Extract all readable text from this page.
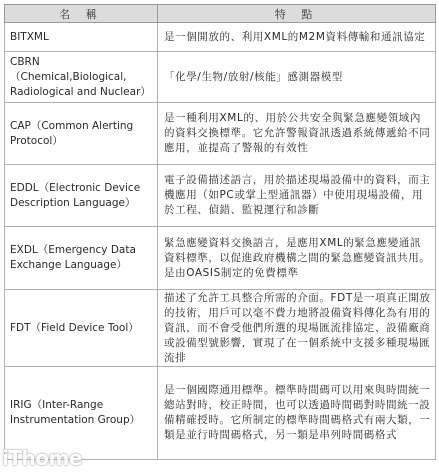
名 稱	特 點
BITXML	是一個開放的、利用XML的M2M資料傳輸和通訊協定
CBRN（Chemical,Biological, Radiological and Nuclear）	「化學/生物/放射/核能」感測器模型
CAP（Common Alerting Protocol）	是一種利用XML的、用於公共安全與緊急應變領域內的資料交換標準。它允許警報資訊透過系統傳遞給不同應用，並提高了警報的有效性
EDDL（Electronic Device Description Language）	電子設備描述語言，用於描述現場設備中的資料，而主機應用（如PC或掌上型通訊器）中使用現場設備，用於工程、偵錯、監視運行和診斷
EXDL（Emergency Data Exchange Language）	緊急應變資料交換語言，是應用XML的緊急應變通訊資料標準，以促進政府機構之間的緊急應變資訊共用。是由OASIS制定的免費標準
FDT（Field Device Tool）	描述了允許工具整合所需的介面。FDT是一項真正開放的技術，用戶可以毫不費力地將設備資料傳化為有用的資訊，而不會受他們所選的現場匯流排協定、設備廠商或設備型號影響，實現了在一個系統中支援多種現場匯流排
IRIG（Inter-Range Instrumentation Group）	是一個國際通用標準。標準時間碼可以用來與時間統一總站對時，校正時間，也可以透過時間碼對時間統一設備精確授時。它所制定的標準時間碼格式有兩大類，一類是並行時間碼格式，另一類是串列時間碼格式
iThome
